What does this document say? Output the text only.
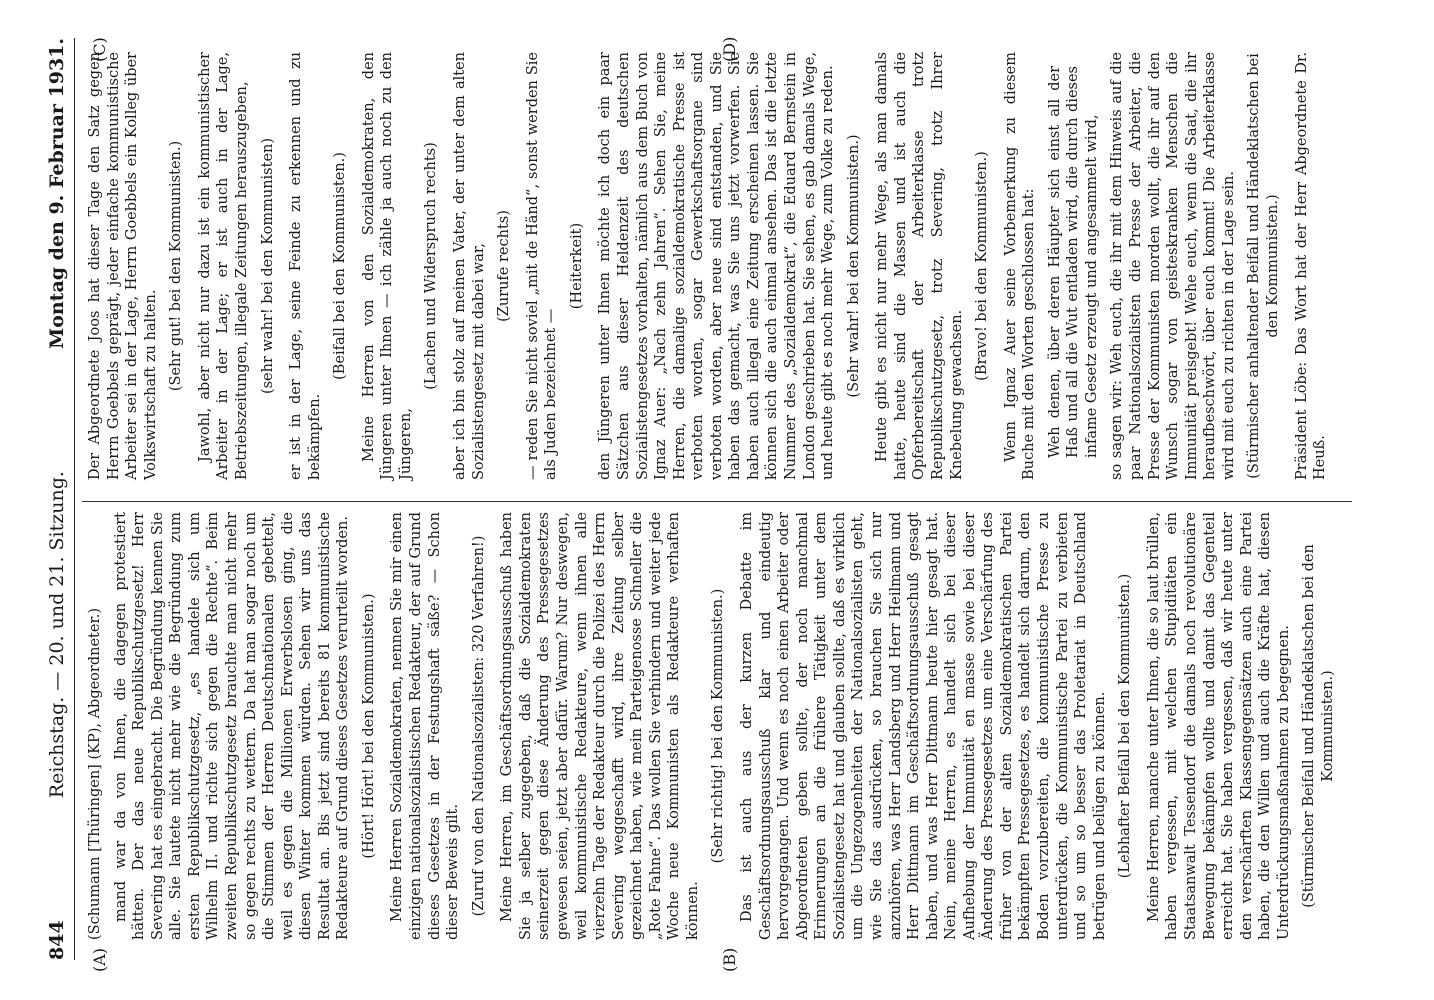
844
Reichstag. — 20. und 21. Sitzung.
Montag den 9. Februar 1931.
(A)	(B)
(C)	(D)

(Schumann [Thüringen] (KP), Abgeordneter.) mand war da von Ihnen, die dagegen protestiert hätten. Der das neue Republikschutzgesetz! Herr Severing hat es eingebracht. Die Begründung kennen Sie alle. Sie lautete nicht mehr wie die Begründung zum ersten Republikschutzgesetz, „es handele sich um Wilhelm II. und richte sich gegen die Rechte“. Beim zweiten Republikschutzgesetz brauchte man nicht mehr so gegen rechts zu wettern. Da hat man sogar noch um die Stimmen der Herren Deutschnationalen gebettelt, weil es gegen die Millionen Erwerbslosen ging, die diesen Winter kommen würden. Sehen wir uns das Resultat an. Bis jetzt sind bereits 81 kommunistische Redakteure auf Grund dieses Gesetzes verurteilt worden. (Hört! Hört! bei den Kommunisten.) Meine Herren Sozialdemokraten, nennen Sie mir einen einzigen nationalsozialistischen Redakteur, der auf Grund dieses Gesetzes in der Festungshaft säße? — Schon dieser Beweis gilt. (Zuruf von den Nationalsozialisten: 320 Verfahren!) Meine Herren, im Geschäftsordnungsausschuß haben Sie ja selber zugegeben, daß die Sozialdemokraten seinerzeit gegen diese Änderung des Pressegesetzes gewesen seien, jetzt aber dafür. Warum? Nur deswegen, weil kommunistische Redakteure, wenn ihnen alle vierzehn Tage der Redakteur durch die Polizei des Herrn Severing weggeschafft wird, ihre Zeitung selber gezeichnet haben, wie mein Parteigenosse Schneller die „Rote Fahne“. Das wollen Sie verhindern und weiter jede Woche neue Kommunisten als Redakteure verhaften können.

(Sehr richtig! bei den Kommunisten.) Das ist auch aus der kurzen Debatte im Geschäftsordnungsausschuß klar und eindeutig hervorgegangen. Und wenn es noch einen Arbeiter oder Abgeordneten geben sollte, der noch manchmal Erinnerungen an die frühere Tätigkeit unter dem Sozialistengesetz hat und glauben sollte, daß es wirklich um die Ungezogenheiten der Nationalsozialisten geht, wie Sie das ausdrücken, so brauchen Sie sich nur anzuhören, was Herr Landsberg und Herr Heilmann und Herr Dittmann im Geschäftsordnungsausschuß gesagt haben, und was Herr Dittmann heute hier gesagt hat. Nein, meine Herren, es handelt sich bei dieser Aufhebung der Immunität en masse sowie bei dieser Änderung des Pressegesetzes um eine Verschärfung des früher von der alten Sozialdemokratischen Partei bekämpften Pressegesetzes, es handelt sich darum, den Boden vorzubereiten, die kommunistische Presse zu unterdrücken, die Kommunistische Partei zu verbieten und so um so besser das Proletariat in Deutschland betrügen und belügen zu können. (Lebhafter Beifall bei den Kommunisten.) Meine Herren, manche unter Ihnen, die so laut brüllen, haben vergessen, mit welchen Stupiditäten ein Staatsanwalt Tessendorf die damals noch revolutionäre Bewegung bekämpfen wollte und damit das Gegenteil erreicht hat. Sie haben vergessen, daß wir heute unter den verschärften Klassengegensätzen auch eine Partei haben, die den Willen und auch die Kräfte hat, diesen Unterdrückungsmaßnahmen zu begegnen. (Stürmischer Beifall und Händeklatschen bei den Kommunisten.)

Der Abgeordnete Joos hat dieser Tage den Satz gegen Herrn Goebbels geprägt, jeder einfache kommunistische Arbeiter sei in der Lage, Herrn Goebbels ein Kolleg über Volkswirtschaft zu halten. (Sehr gut! bei den Kommunisten.) Jawohl, aber nicht nur dazu ist ein kommunistischer Arbeiter in der Lage; er ist auch in der Lage, Betriebszeitungen, illegale Zeitungen herauszugeben, (sehr wahr! bei den Kommunisten) er ist in der Lage, seine Feinde zu erkennen und zu bekämpfen.

(Beifall bei den Kommunisten.) Meine Herren von den Sozialdemokraten, den Jüngeren unter Ihnen — ich zähle ja auch noch zu den Jüngeren,

(Lachen und Widerspruch rechts) aber ich bin stolz auf meinen Vater, der unter dem alten Sozialistengesetz mit dabei war, (Zurufe rechts) — reden Sie nicht soviel „mit de Händ“, sonst werden Sie als Juden bezeichnet —

(Heiterkeit) den Jüngeren unter Ihnen möchte ich doch ein paar Sätzchen aus dieser Heldenzeit des deutschen Sozialistengesetzes vorhalten, nämlich aus dem Buch von Ignaz Auer: „Nach zehn Jahren“. Sehen Sie, meine Herren, die damalige sozialdemokratische Presse ist verboten worden, sogar Gewerkschaftsorgane sind verboten worden, aber neue sind entstanden, und Sie haben das gemacht, was Sie uns jetzt vorwerfen. Sie haben auch illegal eine Zeitung erscheinen lassen. Sie können sich die auch einmal ansehen. Das ist die letzte Nummer des „Sozialdemokrat“, die Eduard Bernstein in London geschrieben hat. Sie sehen, es gab damals Wege, und heute gibt es noch mehr Wege, zum Volke zu reden. (Sehr wahr! bei den Kommunisten.) Heute gibt es nicht nur mehr Wege, als man damals hatte, heute sind die Massen und ist auch die Opferbereitschaft der Arbeiterklasse trotz Republikschutzgesetz, trotz Severing, trotz Ihrer Knebelung gewachsen.

(Bravo! bei den Kommunisten.) Wenn Ignaz Auer seine Vorbemerkung zu diesem Buche mit den Worten geschlossen hat: Weh denen, über deren Häupter sich einst all der Haß und all die Wut entladen wird, die durch dieses infame Gesetz erzeugt und angesammelt wird, so sagen wir: Weh euch, die ihr mit dem Hinweis auf die paar Nationalsozialisten die Presse der Arbeiter, die Presse der Kommunisten morden wollt, die ihr auf den Wunsch sogar von geisteskranken Menschen die Immunität preisgebt! Wehe euch, wenn die Saat, die ihr heraufbeschwört, über euch kommt! Die Arbeiterklasse wird mit euch zu richten in der Lage sein. (Stürmischer anhaltender Beifall und Händeklatschen bei den Kommunisten.) Präsident Löbe: Das Wort hat der Herr Abgeordnete Dr. Heuß.
